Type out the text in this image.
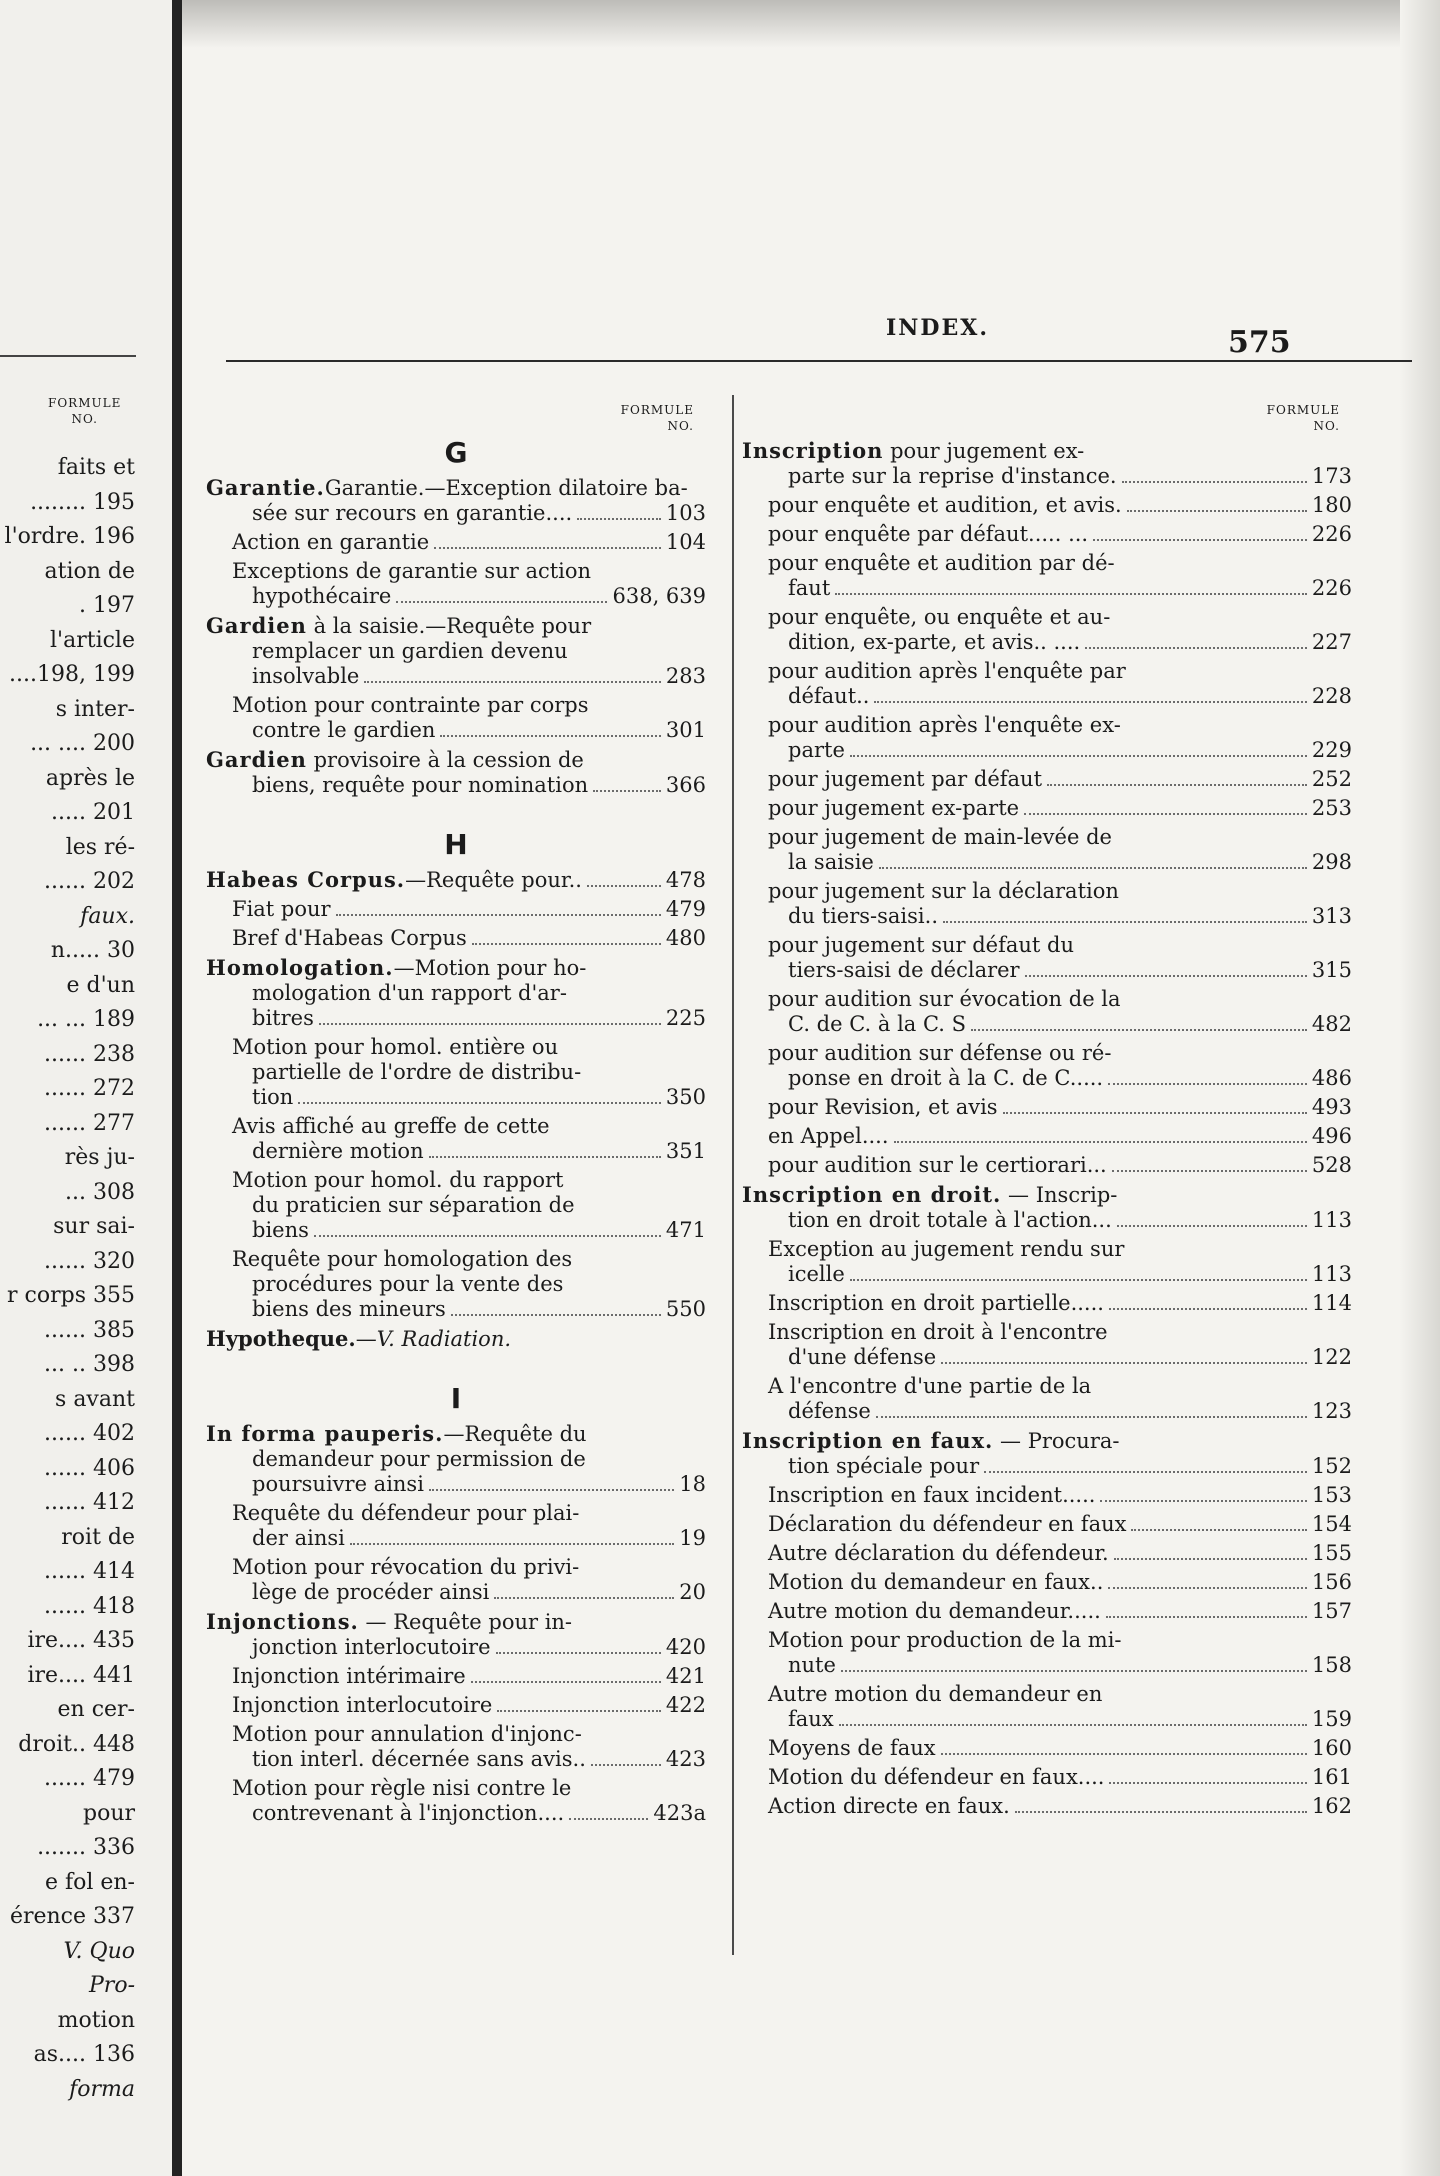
FORMULE
NO.
faits et
........ 195
l'ordre. 196
ation de
. 197
l'article
....198, 199
s inter-
... .... 200
après le
..... 201
les ré-
...... 202
faux.
n..... 30
e d'un
... ... 189
...... 238
...... 272
...... 277
rès ju-
... 308
sur sai-
...... 320
r corps 355
...... 385
... .. 398
s avant
...... 402
...... 406
...... 412
roit de
...... 414
...... 418
ire.... 435
ire.... 441
en cer-
droit.. 448
...... 479
pour
....... 336
e fol en-
érence 337
V. Quo
Pro-
motion
as.... 136
forma
INDEX.	575
FORMULE
NO.
G
Garantie.Garantie.—Exception dilatoire ba-
sée sur recours en garantie....	103
Action en garantie	104
Exceptions de garantie sur action
hypothécaire	638, 639
Gardien à la saisie.—Requête pour
remplacer un gardien devenu
insolvable	283
Motion pour contrainte par corps
contre le gardien	301
Gardien provisoire à la cession de
biens, requête pour nomination	366
H
Habeas Corpus.—Requête pour..	478
Fiat pour	479
Bref d'Habeas Corpus	480
Homologation.—Motion pour ho-
mologation d'un rapport d'ar-
bitres	225
Motion pour homol. entière ou
partielle de l'ordre de distribu-
tion	350
Avis affiché au greffe de cette
dernière motion	351
Motion pour homol. du rapport
du praticien sur séparation de
biens	471
Requête pour homologation des
procédures pour la vente des
biens des mineurs	550
Hypotheque.—V. Radiation.
I
In forma pauperis.—Requête du
demandeur pour permission de
poursuivre ainsi	18
Requête du défendeur pour plai-
der ainsi	19
Motion pour révocation du privi-
lège de procéder ainsi	20
Injonctions. — Requête pour in-
jonction interlocutoire	420
Injonction intérimaire	421
Injonction interlocutoire	422
Motion pour annulation d'injonc-
tion interl. décernée sans avis..	423
Motion pour règle nisi contre le
contrevenant à l'injonction....	423a
FORMULE
NO.
Inscription pour jugement ex-
parte sur la reprise d'instance.	173
pour enquête et audition, et avis.	180
pour enquête par défaut..... ...	226
pour enquête et audition par dé-
faut	226
pour enquête, ou enquête et au-
dition, ex-parte, et avis.. ....	227
pour audition après l'enquête par
défaut..	228
pour audition après l'enquête ex-
parte	229
pour jugement par défaut	252
pour jugement ex-parte	253
pour jugement de main-levée de
la saisie	298
pour jugement sur la déclaration
du tiers-saisi..	313
pour jugement sur défaut du
tiers-saisi de déclarer	315
pour audition sur évocation de la
C. de C. à la C. S	482
pour audition sur défense ou ré-
ponse en droit à la C. de C.....	486
pour Revision, et avis	493
en Appel....	496
pour audition sur le certiorari...	528
Inscription en droit. — Inscrip-
tion en droit totale à l'action...	113
Exception au jugement rendu sur
icelle	113
Inscription en droit partielle.....	114
Inscription en droit à l'encontre
d'une défense	122
A l'encontre d'une partie de la
défense	123
Inscription en faux. — Procura-
tion spéciale pour	152
Inscription en faux incident.....	153
Déclaration du défendeur en faux	154
Autre déclaration du défendeur.	155
Motion du demandeur en faux..	156
Autre motion du demandeur.....	157
Motion pour production de la mi-
nute	158
Autre motion du demandeur en
faux	159
Moyens de faux	160
Motion du défendeur en faux....	161
Action directe en faux.	162
